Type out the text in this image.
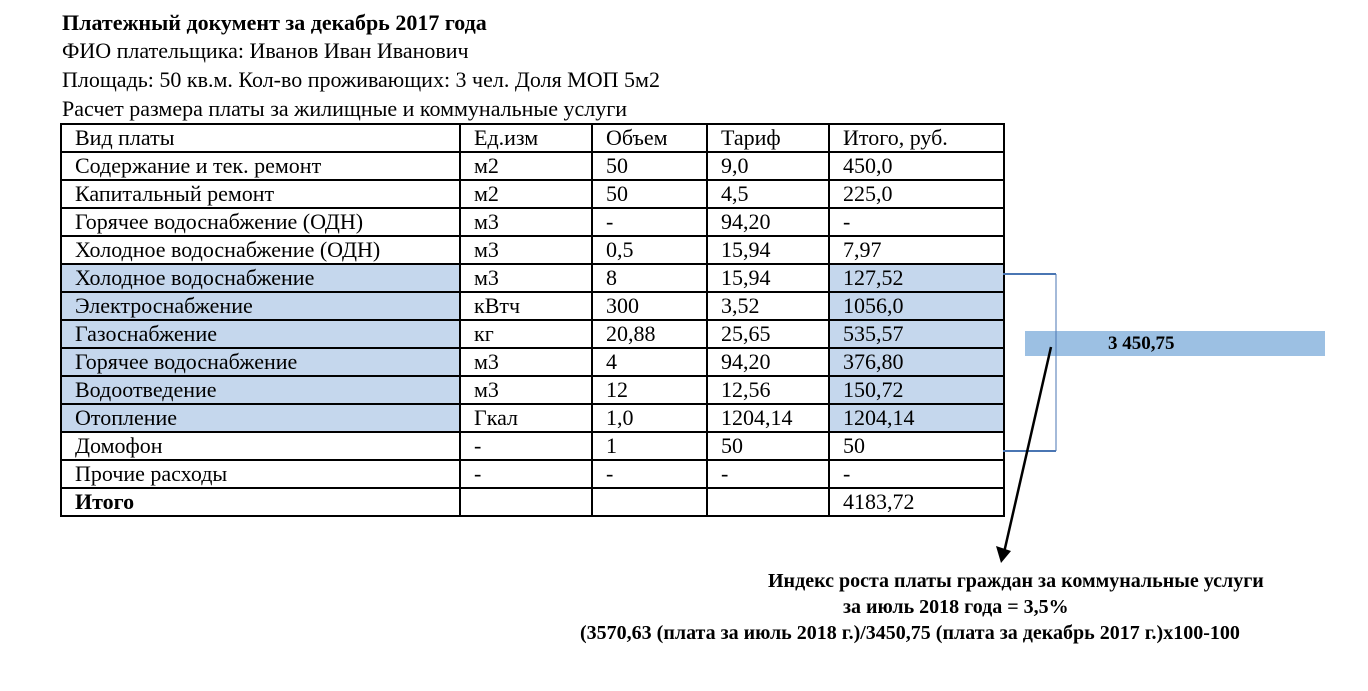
Платежный документ за декабрь 2017 года
ФИО плательщика: Иванов Иван Иванович
Площадь: 50 кв.м. Кол-во проживающих: 3 чел. Доля МОП 5м2
Расчет размера платы за жилищные и коммунальные услуги
Вид платы	Ед.изм	Объем	Тариф	Итого, руб.
Содержание и тек. ремонт	м2	50	9,0	450,0
Капитальный ремонт	м2	50	4,5	225,0
Горячее водоснабжение (ОДН)	м3	-	94,20	-
Холодное водоснабжение (ОДН)	м3	0,5	15,94	7,97
Холодное водоснабжение	м3	8	15,94	127,52
Электроснабжение	кВтч	300	3,52	1056,0
Газоснабжение	кг	20,88	25,65	535,57
Горячее водоснабжение	м3	4	94,20	376,80
Водоотведение	м3	12	12,56	150,72
Отопление	Гкал	1,0	1204,14	1204,14
Домофон	-	1	50	50
Прочие расходы	-	-	-	-
Итого				4183,72
3 450,75
Индекс роста платы граждан за коммунальные услуги
за июль 2018 года = 3,5%
(3570,63 (плата за июль 2018 г.)/3450,75 (плата за декабрь 2017 г.)х100-100
